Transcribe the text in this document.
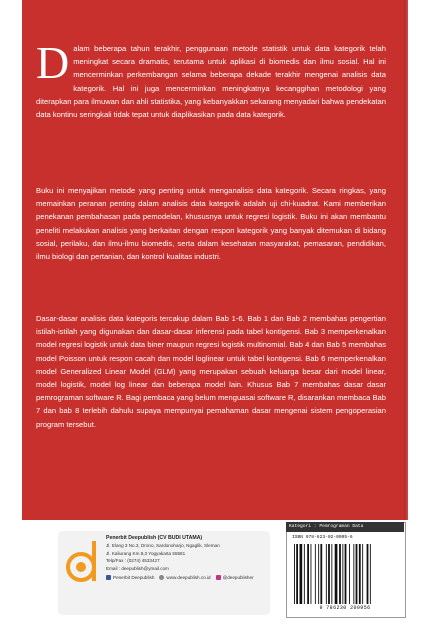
Dalam beberapa tahun terakhir, penggunaan metode statistik untuk data kategorik telah meningkat secara dramatis, terutama untuk aplikasi di biomedis dan ilmu sosial. Hal ini mencerminkan perkembangan selama beberapa dekade terakhir mengenai analisis data kategorik. Hal ini juga mencerminkan meningkatnya kecanggihan metodologi yang diterapkan para ilmuwan dan ahli statistika, yang kebanyakkan sekarang menyadari bahwa pendekatan data kontinu seringkali tidak tepat untuk diaplikasikan pada data kategorik.
Buku ini menyajikan metode yang penting untuk menganalisis data kategorik. Secara ringkas, yang memainkan peranan penting dalam analisis data kategorik adalah uji chi-kuadrat. Kami memberikan penekanan pembahasan pada pemodelan, khususnya untuk regresi logistik. Buku ini akan membantu peneliti melakukan analisis yang berkaitan dengan respon kategorik yang banyak ditemukan di bidang sosial, perilaku, dan ilmu-ilmu biomedis, serta dalam kesehatan masyarakat, pemasaran, pendidikan, ilmu biologi dan pertanian, dan kontrol kualitas industri.
Dasar-dasar analisis data kategoris tercakup dalam Bab 1-6. Bab 1 dan Bab 2 membahas pengertian istilah-istilah yang digunakan dan dasar-dasar inferensi pada tabel kontigensi. Bab 3 memperkenalkan model regresi logistik untuk data biner maupun regresi logistik multinomial. Bab 4 dan Bab 5 membahas model Poisson untuk respon cacah dan model loglinear untuk tabel kontigensi. Bab 6 memperkenalkan model Generalized Linear Model (GLM) yang merupakan sebuah keluarga besar dari model linear, model logistik, model log linear dan beberapa model lain. Khusus Bab 7 membahas dasar dasar pemrograman software R. Bagi pembaca yang belum menguasai software R, disarankan membaca Bab 7 dan bab 8 terlebih dahulu supaya mempunyai pemahaman dasar mengenai sistem pengoperasian program tersebut.
Penerbit Deepublish (CV BUDI UTAMA)
Jl. Elang 3 No.3, Drono, Sardonoharjo, Ngaglik, Sleman
Jl. Kaliurang Km.9,3 Yogyakarta 55581
Telp/Fax : (0274) 4533427
Email : deepublish@ymail.com
Penerbit Deepublish	www.deepublish.co.id	@deepublisher
Kategori : Pemrograman Data
ISBN 978-623-02-0095-6
9 786230 200956
